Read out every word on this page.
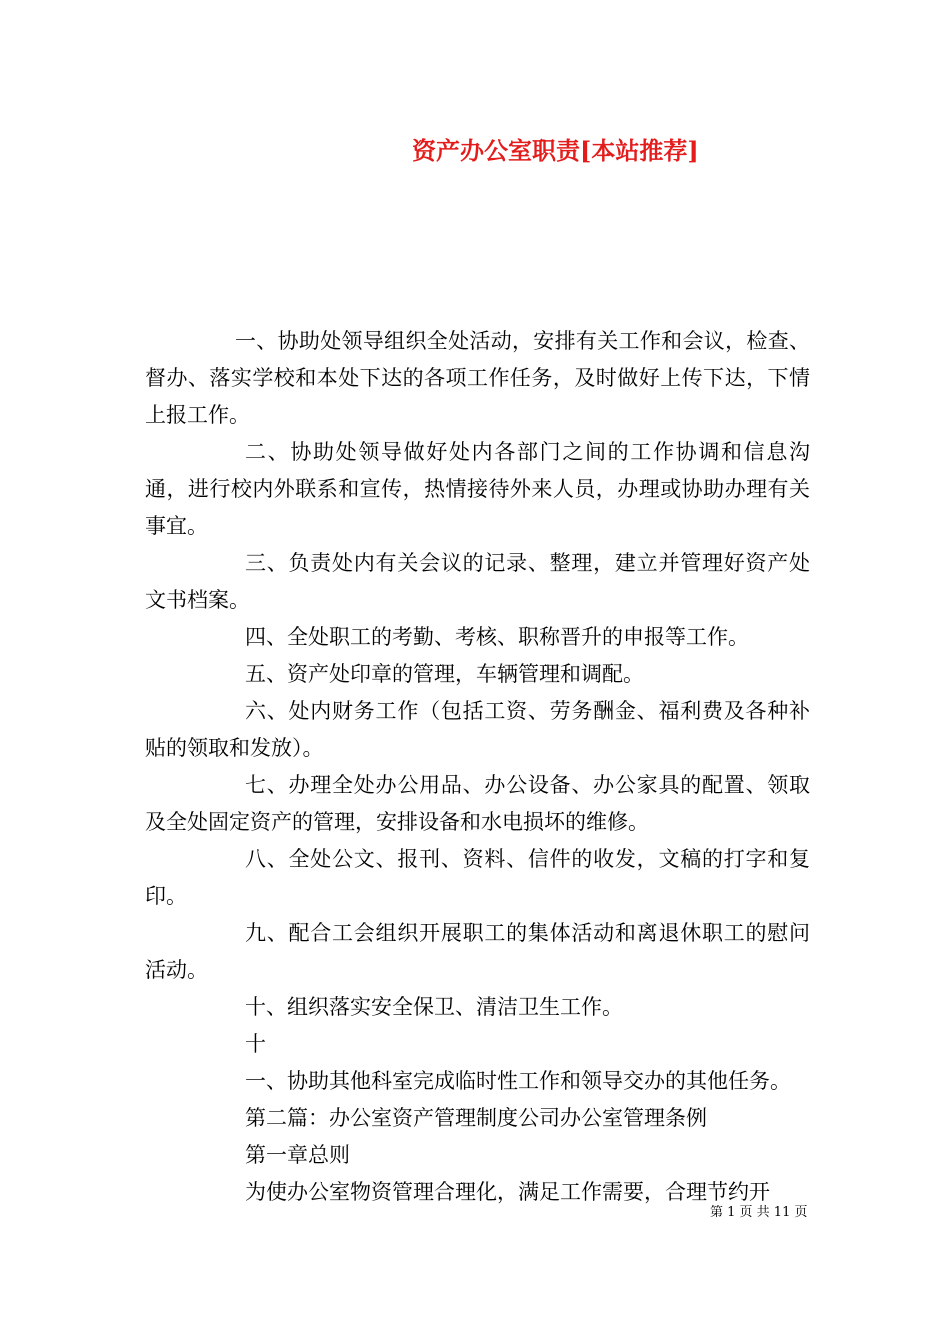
资产办公室职责[本站推荐]

一、协助处领导组织全处活动，安排有关工作和会议，检查、督办、落实学校和本处下达的各项工作任务，及时做好上传下达，下情上报工作。

二、协助处领导做好处内各部门之间的工作协调和信息沟通，进行校内外联系和宣传，热情接待外来人员，办理或协助办理有关事宜。

三、负责处内有关会议的记录、整理，建立并管理好资产处文书档案。

四、全处职工的考勤、考核、职称晋升的申报等工作。

五、资产处印章的管理，车辆管理和调配。

六、处内财务工作（包括工资、劳务酬金、福利费及各种补贴的领取和发放）。

七、办理全处办公用品、办公设备、办公家具的配置、领取及全处固定资产的管理，安排设备和水电损坏的维修。

八、全处公文、报刊、资料、信件的收发，文稿的打字和复印。

九、配合工会组织开展职工的集体活动和离退休职工的慰问活动。

十、组织落实安全保卫、清洁卫生工作。

十

一、协助其他科室完成临时性工作和领导交办的其他任务。

第二篇：办公室资产管理制度公司办公室管理条例

第一章总则

为使办公室物资管理合理化，满足工作需要，合理节约开

第 1 页 共 11 页
